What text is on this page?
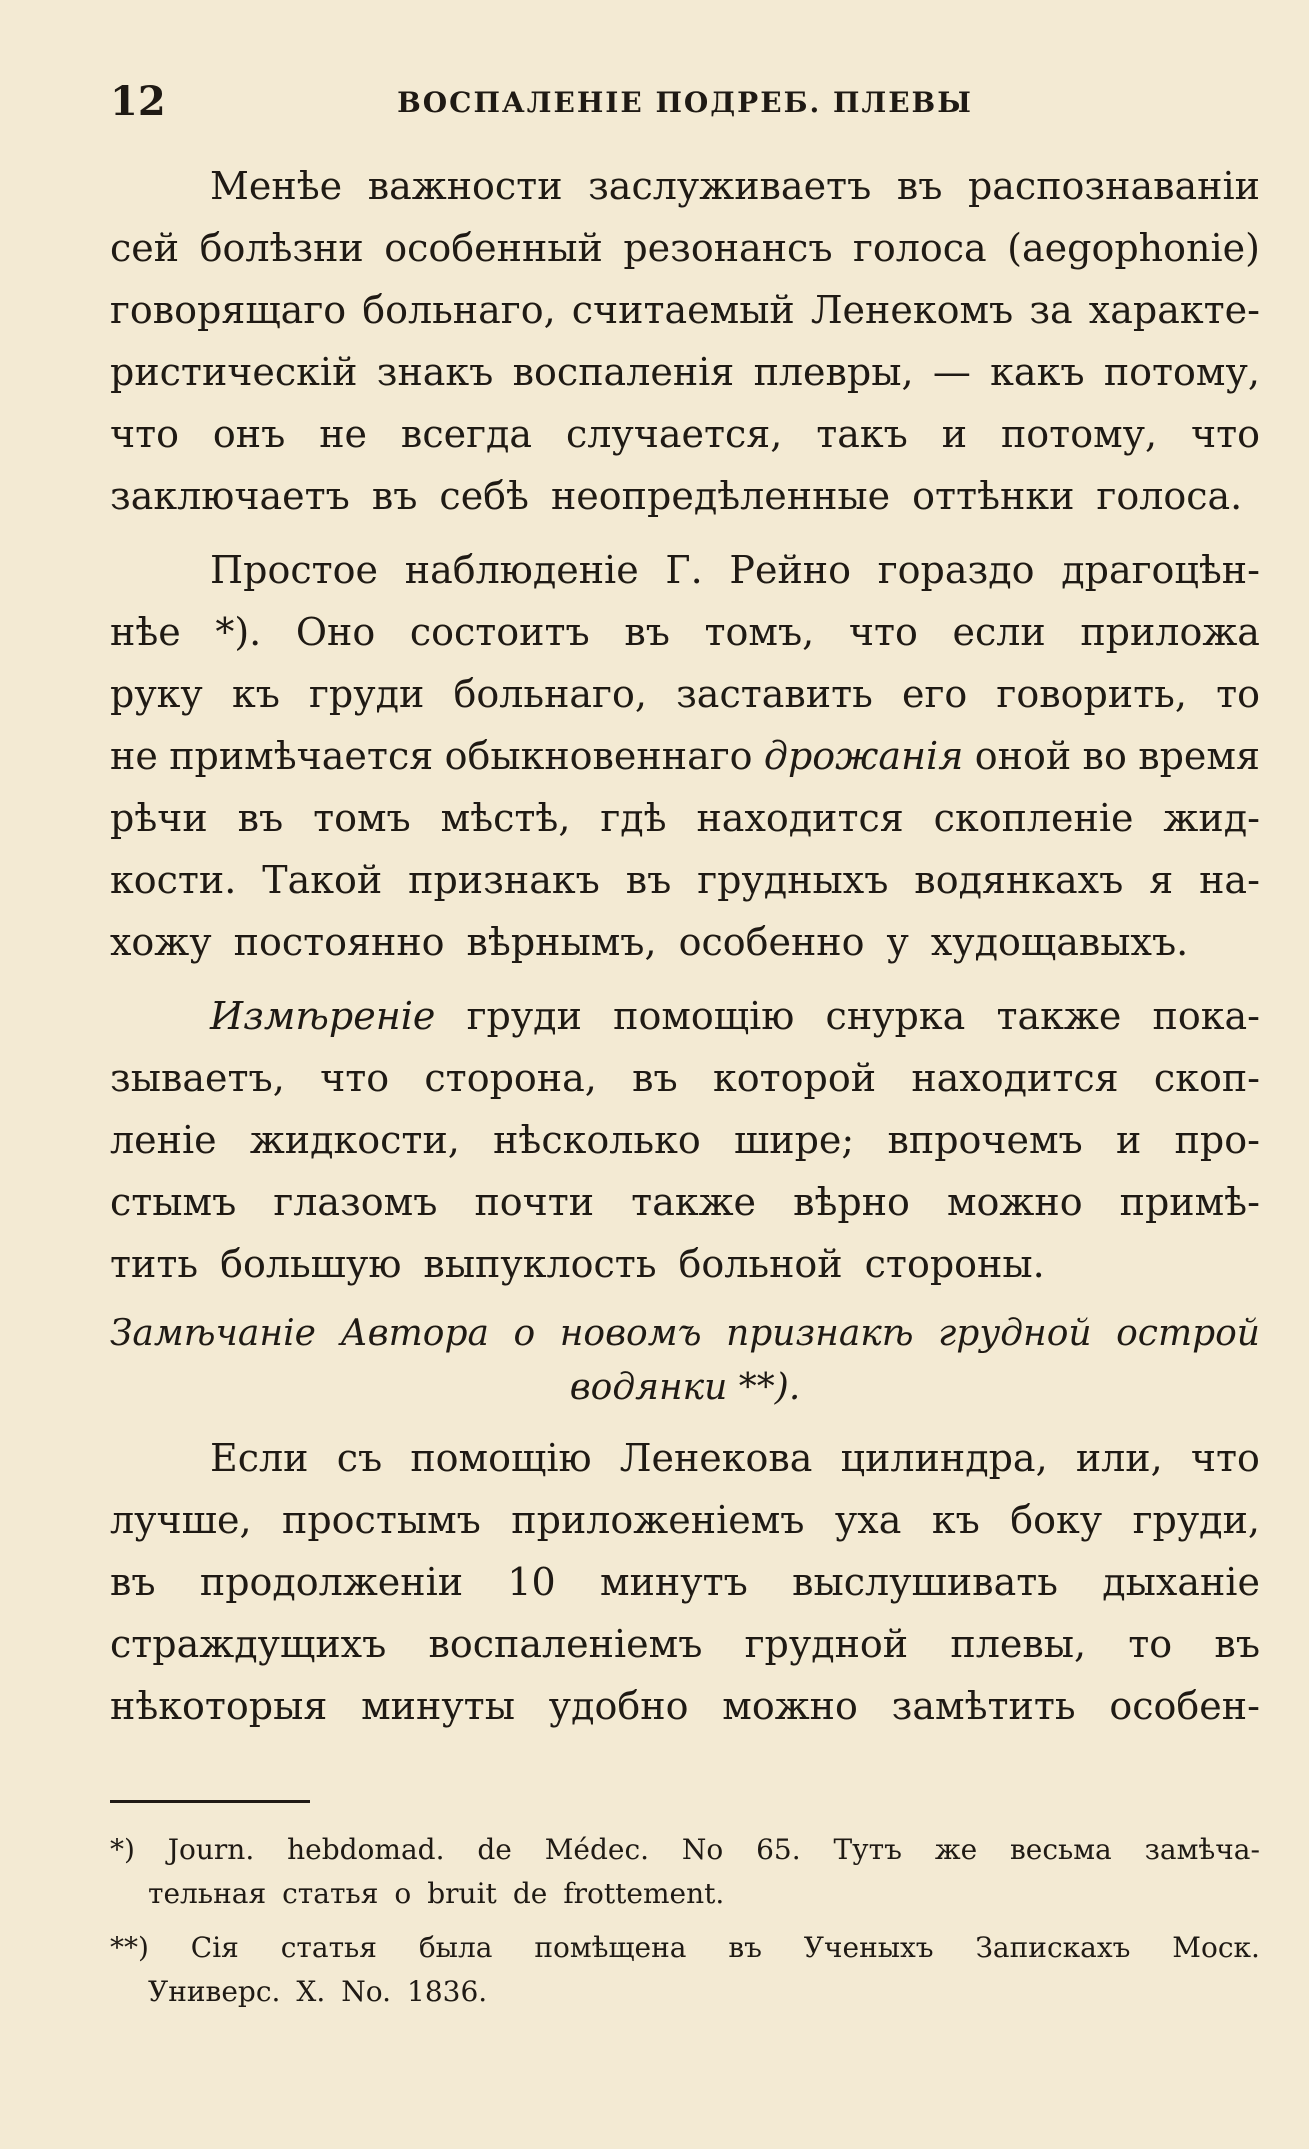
12	ВОСПАЛЕНІЕ ПОДРЕБ. ПЛЕВЫ
Менѣе важности заслуживаетъ въ распознаваніи
сей болѣзни особенный резонансъ голоса (aegophonie)
говорящаго больнаго, считаемый Ленекомъ за характе-
ристическій знакъ воспаленія плевры, — какъ потому,
что онъ не всегда случается, такъ и потому, что
заключаетъ въ себѣ неопредѣленные оттѣнки голоса.
Простое наблюденіе Г. Рейно гораздо драгоцѣн-
нѣе *). Оно состоитъ въ томъ, что если приложа
руку къ груди больнаго, заставить его говорить, то
не примѣчается обыкновеннаго дрожанія оной во время
рѣчи въ томъ мѣстѣ, гдѣ находится скопленіе жид-
кости. Такой признакъ въ грудныхъ водянкахъ я на-
хожу постоянно вѣрнымъ, особенно у худощавыхъ.
Измѣреніе груди помощію снурка также пока-
зываетъ, что сторона, въ которой находится скоп-
леніе жидкости, нѣсколько шире; впрочемъ и про-
стымъ глазомъ почти также вѣрно можно примѣ-
тить большую выпуклость больной стороны.
Замѣчаніе Автора о новомъ признакѣ грудной острой
водянки **).
Если съ помощію Ленекова цилиндра, или, что
лучше, простымъ приложеніемъ уха къ боку груди,
въ продолженіи 10 минутъ выслушивать дыханіе
страждущихъ воспаленіемъ грудной плевы, то въ
нѣкоторыя минуты удобно можно замѣтить особен-
*) Journ. hebdomad. de Médec. No 65. Тутъ же весьма замѣча-
тельная статья о bruit de frottement.
**) Сія статья была помѣщена въ Ученыхъ Запискахъ Моск.
Универс. X. No. 1836.
